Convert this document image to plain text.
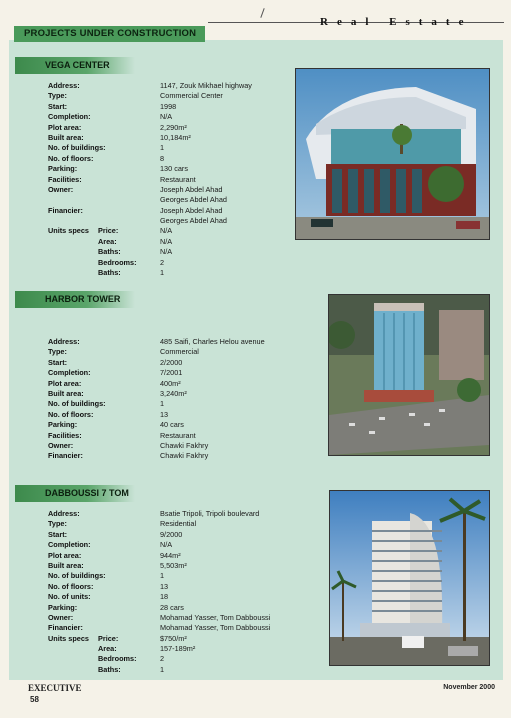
Real Estate
PROJECTS UNDER CONSTRUCTION
VEGA CENTER
Address:	1147, Zouk Mikhael highway
Type:	Commercial Center
Start:	1998
Completion:	N/A
Plot area:	2,290m²
Built area:	10,184m²
No. of buildings:	1
No. of floors:	8
Parking:	130 cars
Facilities:	Restaurant
Owner:	Joseph Abdel Ahad
Georges Abdel Ahad
Financier:	Joseph Abdel Ahad
Georges Abdel Ahad
Units specs Price:	N/A
Area:	N/A
Baths:	N/A
Bedrooms:	2
Baths:	1
HARBOR TOWER
Address:	485 Saifi, Charles Helou avenue
Type:	Commercial
Start:	2/2000
Completion:	7/2001
Plot area:	400m²
Built area:	3,240m²
No. of buildings:	1
No. of floors:	13
Parking:	40 cars
Facilities:	Restaurant
Owner:	Chawki Fakhry
Financier:	Chawki Fakhry
DABBOUSSI 7 TOM
Address:	Bsatie Tripoli, Tripoli boulevard
Type:	Residential
Start:	9/2000
Completion:	N/A
Plot area:	944m²
Built area:	5,503m²
No. of buildings:	1
No. of floors:	13
No. of units:	18
Parking:	28 cars
Owner:	Mohamad Yasser, Tom Dabboussi
Financier:	Mohamad Yasser, Tom Dabboussi
Units specs Price:	$750/m²
Area:	157-189m²
Bedrooms:	2
Baths:	1
EXECUTIVE
58
November 2000
